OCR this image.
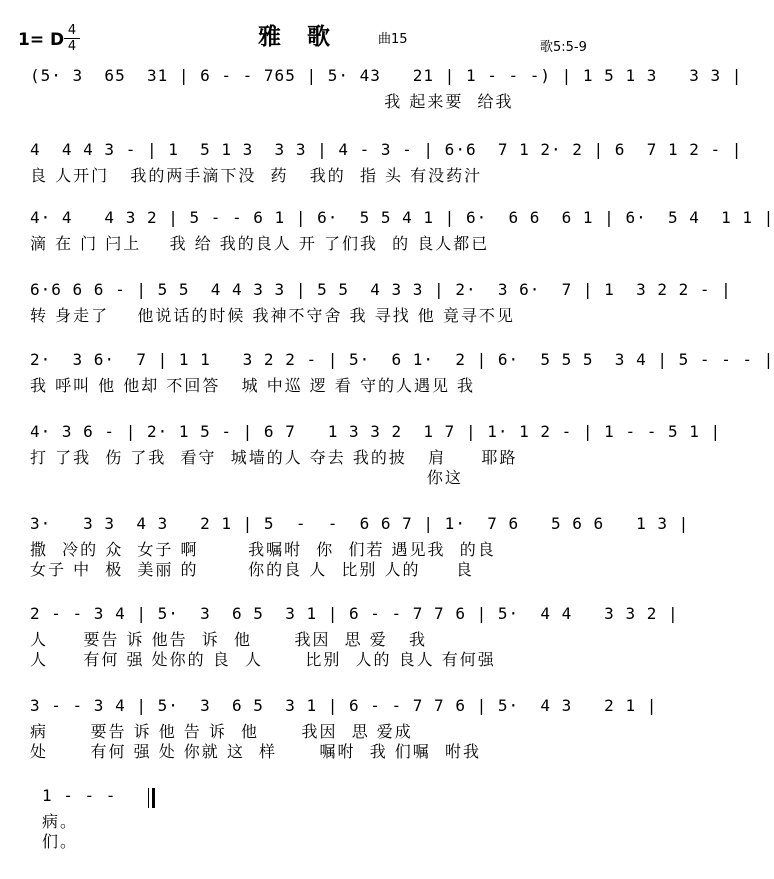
1= D 4
4	雅歌 曲15
歌5:5-9
(5· 3  65  31 | 6 - - 765 | 5· 43   21 | 1 - - -) | 1 5 1 3   3 3 |
我 起来要  给我
4  4 4 3 - | 1  5 1 3  3 3 | 4 - 3 - | 6·6  7 1 2· 2 | 6  7 1 2 - |
良 人开门   我的两手滴下没  药   我的  指 头 有没药汁
4· 4   4 3 2 | 5 - - 6 1 | 6·  5 5 4 1 | 6·  6 6  6 1 | 6·  5 4  1 1 |
滴 在 门 闩上    我 给 我的良人 开 了们我  的 良人都已
6·6 6 6 - | 5 5  4 4 3 3 | 5 5  4 3 3 | 2·  3 6·  7 | 1  3 2 2 - |
转 身走了    他说话的时候 我神不守舍 我 寻找 他 竟寻不见
2·  3 6·  7 | 1 1   3 2 2 - | 5·  6 1·  2 | 6·  5 5 5  3 4 | 5 - - - |
我 呼叫 他 他却 不回答   城 中巡 逻 看 守的人遇见 我
4· 3 6 - | 2· 1 5 - | 6 7   1 3 3 2  1 7 | 1· 1 2 - | 1 - - 5 1 |
打 了我  伤 了我  看守  城墙的人 夺去 我的披   肩     耶路
你这
3·   3 3  4 3   2 1 | 5  -  -  6 6 7 | 1·  7 6   5 6 6   1 3 |
撒  冷的 众  女子 啊       我嘱咐  你  们若 遇见我  的良
女子 中  极  美丽 的       你的良 人  比别 人的     良
2 - - 3 4 | 5·  3  6 5  3 1 | 6 - - 7 7 6 | 5·  4 4   3 3 2 |
人     要告 诉 他告  诉  他      我因  思 爱   我
人     有何 强 处你的 良  人      比别  人的 良人 有何强
3 - - 3 4 | 5·  3  6 5  3 1 | 6 - - 7 7 6 | 5·  4 3   2 1 |
病      要告 诉 他 告 诉  他      我因  思 爱成
处      有何 强 处 你就 这  样      嘱咐  我 们嘱  咐我
1 - - -
病。
们。
